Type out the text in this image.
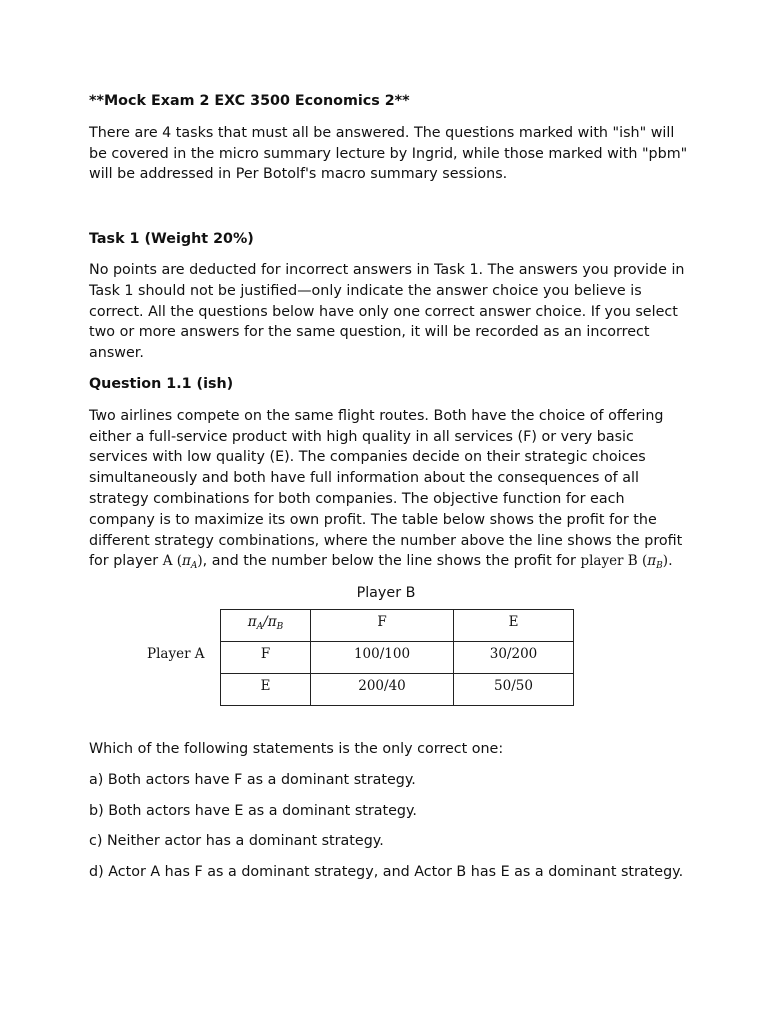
**Mock Exam 2 EXC 3500 Economics 2**

There are 4 tasks that must all be answered. The questions marked with "ish" will be covered in the micro summary lecture by Ingrid, while those marked with "pbm" will be addressed in Per Botolf's macro summary sessions.

Task 1 (Weight 20%)

No points are deducted for incorrect answers in Task 1. The answers you provide in Task 1 should not be justified—only indicate the answer choice you believe is correct. All the questions below have only one correct answer choice. If you select two or more answers for the same question, it will be recorded as an incorrect answer.

Question 1.1 (ish)

Two airlines compete on the same flight routes. Both have the choice of offering either a full-service product with high quality in all services (F) or very basic services with low quality (E). The companies decide on their strategic choices simultaneously and both have full information about the consequences of all strategy combinations for both companies. The objective function for each company is to maximize its own profit. The table below shows the profit for the different strategy combinations, where the number above the line shows the profit for player A $(\pi_A)$, and the number below the line shows the profit for player B $(\pi_B)$.

Player B
Player A
$\pi_A/\pi_B$	F	E
F	100/100	30/200
E	200/40	50/50

Which of the following statements is the only correct one:

a) Both actors have F as a dominant strategy.

b) Both actors have E as a dominant strategy.

c) Neither actor has a dominant strategy.

d) Actor A has F as a dominant strategy, and Actor B has E as a dominant strategy.
